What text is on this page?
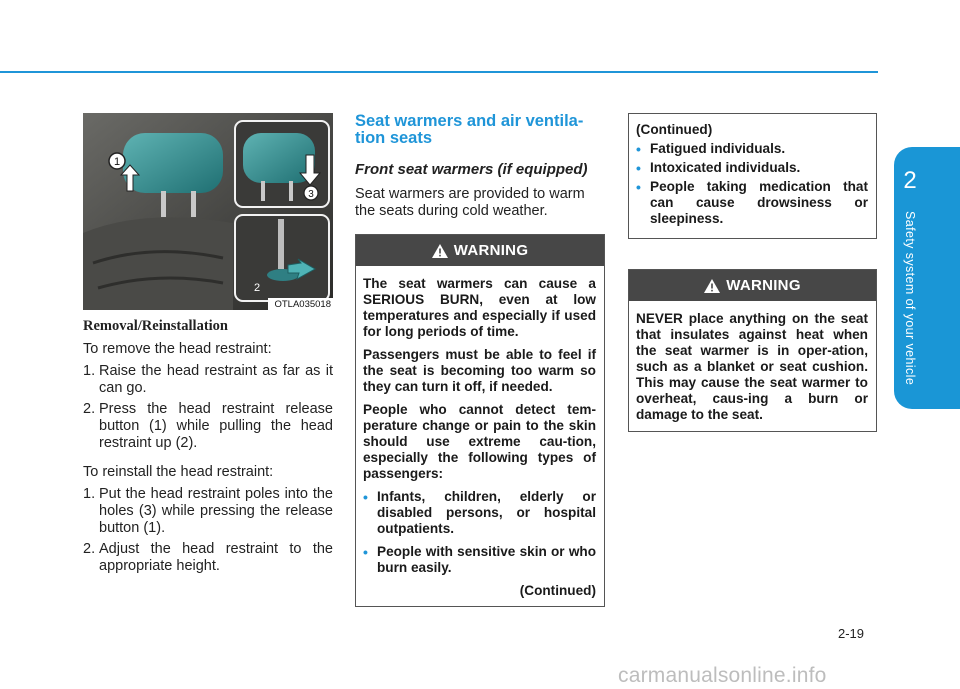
2
Safety system of your vehicle
1
3
2
OTLA035018
Removal/Reinstallation

To remove the head restraint:

1. Raise the head restraint as far as it can go.
2. Press the head restraint release button (1) while pulling the head restraint up (2).

To reinstall the head restraint:

1. Put the head restraint poles into the holes (3) while pressing the release button (1).
2. Adjust the head restraint to the appropriate height.
Seat warmers and air ventila-
tion seats
Front seat warmers (if equipped)

Seat warmers are provided to warm the seats during cold weather.

WARNING

The seat warmers can cause a SERIOUS BURN, even at low temperatures and especially if used for long periods of time.

Passengers must be able to feel if the seat is becoming too warm so they can turn it off, if needed.

People who cannot detect tem-perature change or pain to the skin should use extreme cau-tion, especially the following types of passengers:

• Infants, children, elderly or disabled persons, or hospital outpatients.
• People with sensitive skin or who burn easily.

(Continued)

(Continued)

• Fatigued individuals.
• Intoxicated individuals.
• People taking medication that can cause drowsiness or sleepiness.
WARNING

NEVER place anything on the seat that insulates against heat when the seat warmer is in oper-ation, such as a blanket or seat cushion. This may cause the seat warmer to overheat, caus-ing a burn or damage to the seat.

2-19
carmanualsonline.info
